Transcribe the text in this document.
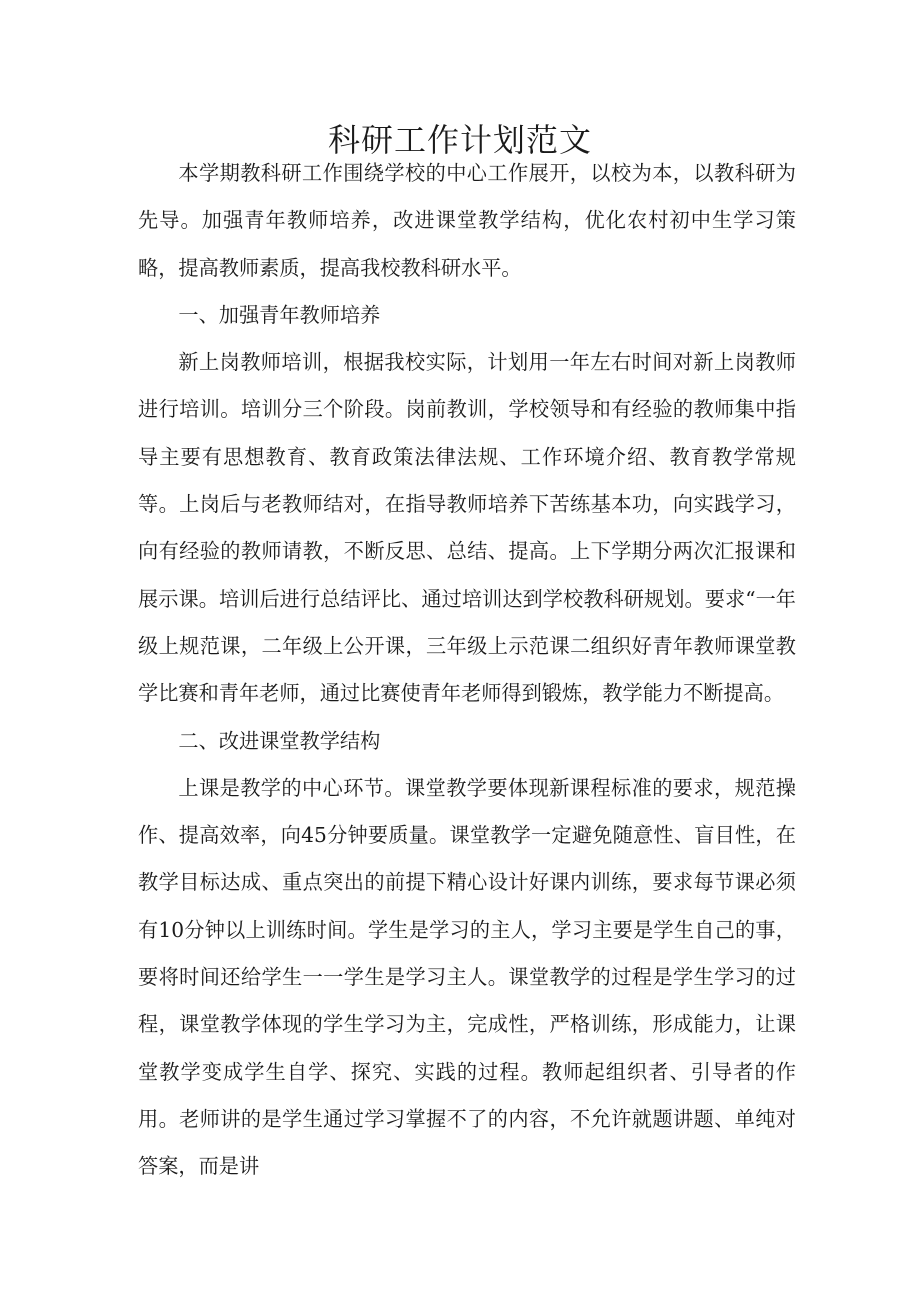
科研工作计划范文

本学期教科研工作围绕学校的中心工作展开，以校为本，以教科研为先导。加强青年教师培养，改进课堂教学结构，优化农村初中生学习策略，提高教师素质，提高我校教科研水平。

一、加强青年教师培养

新上岗教师培训，根据我校实际，计划用一年左右时间对新上岗教师进行培训。培训分三个阶段。岗前教训，学校领导和有经验的教师集中指导主要有思想教育、教育政策法律法规、工作环境介绍、教育教学常规等。上岗后与老教师结对，在指导教师培养下苦练基本功，向实践学习，向有经验的教师请教，不断反思、总结、提高。上下学期分两次汇报课和展示课。培训后进行总结评比、通过培训达到学校教科研规划。要求“一年级上规范课，二年级上公开课，三年级上示范课二组织好青年教师课堂教学比赛和青年老师，通过比赛使青年老师得到锻炼，教学能力不断提高。

二、改进课堂教学结构

上课是教学的中心环节。课堂教学要体现新课程标准的要求，规范操作、提高效率，向45分钟要质量。课堂教学一定避免随意性、盲目性，在教学目标达成、重点突出的前提下精心设计好课内训练，要求每节课必须有10分钟以上训练时间。学生是学习的主人，学习主要是学生自己的事，要将时间还给学生一一学生是学习主人。课堂教学的过程是学生学习的过程，课堂教学体现的学生学习为主，完成性，严格训练，形成能力，让课堂教学变成学生自学、探究、实践的过程。教师起组织者、引导者的作用。老师讲的是学生通过学习掌握不了的内容，不允许就题讲题、单纯对答案，而是讲
